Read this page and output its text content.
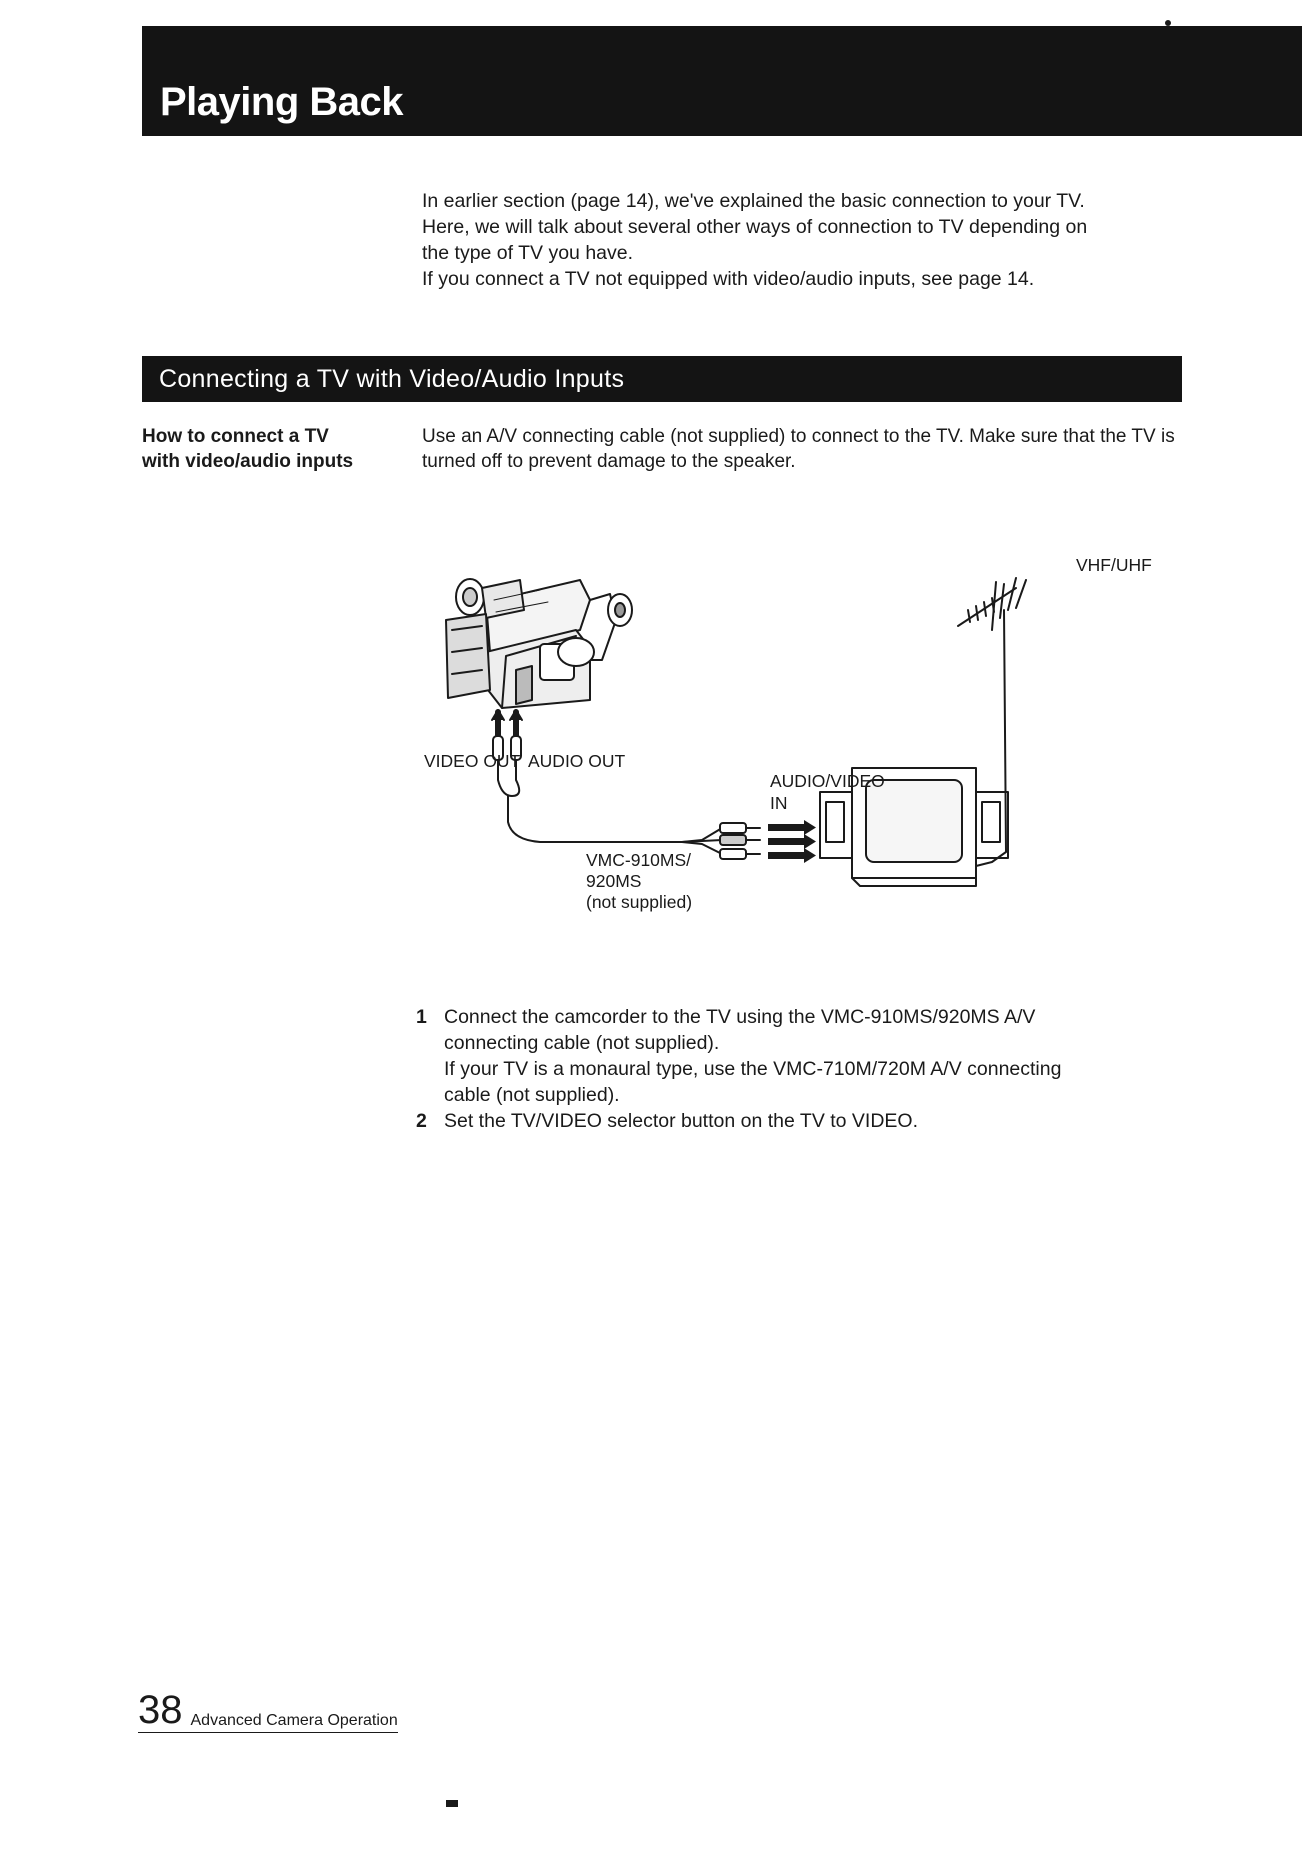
Playing Back

In earlier section (page 14), we've explained the basic connection to your TV.

Here, we will talk about several other ways of connection to TV depending on

the type of TV you have.

If you connect a TV not equipped with video/audio inputs, see page 14.

Connecting a TV with Video/Audio Inputs
How to connect a TV
with video/audio inputs

Use an A/V connecting cable (not supplied) to connect to the TV. Make sure that the TV is turned off to prevent damage to the speaker.

VHF/UHF
VIDEO OUT AUDIO OUT
AUDIO/VIDEO
IN
VMC-910MS/
920MS
(not supplied)
1 Connect the camcorder to the TV using the VMC-910MS/920MS A/V
connecting cable (not supplied).
If your TV is a monaural type, use the VMC-710M/720M A/V connecting
cable (not supplied).
2 Set the TV/VIDEO selector button on the TV to VIDEO.
38 Advanced Camera Operation
